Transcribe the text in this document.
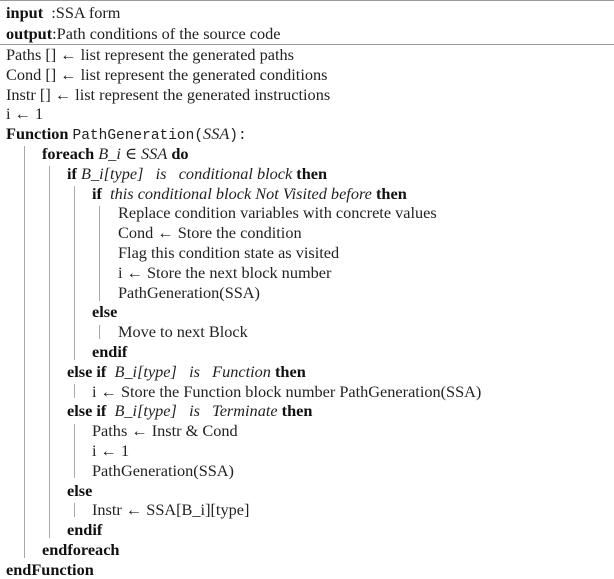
input :SSA form
output:Path conditions of the source code
Paths [] ← list represent the generated paths
Cond [] ← list represent the generated conditions
Instr [] ← list represent the generated instructions
i ← 1
Function PathGeneration(SSA):
foreach B_i ∈ SSA do
if B_i[type]   is   conditional block then
if this conditional block Not Visited before then
Replace condition variables with concrete values
Cond ← Store the condition
Flag this condition state as visited
i ← Store the next block number
PathGeneration(SSA)
else
Move to next Block
endif
else if B_i[type]   is   Function then
i ← Store the Function block number PathGeneration(SSA)
else if B_i[type]   is   Terminate then
Paths ← Instr & Cond
i ← 1
PathGeneration(SSA)
else
Instr ← SSA[B_i][type]
endif
endforeach
endFunction
